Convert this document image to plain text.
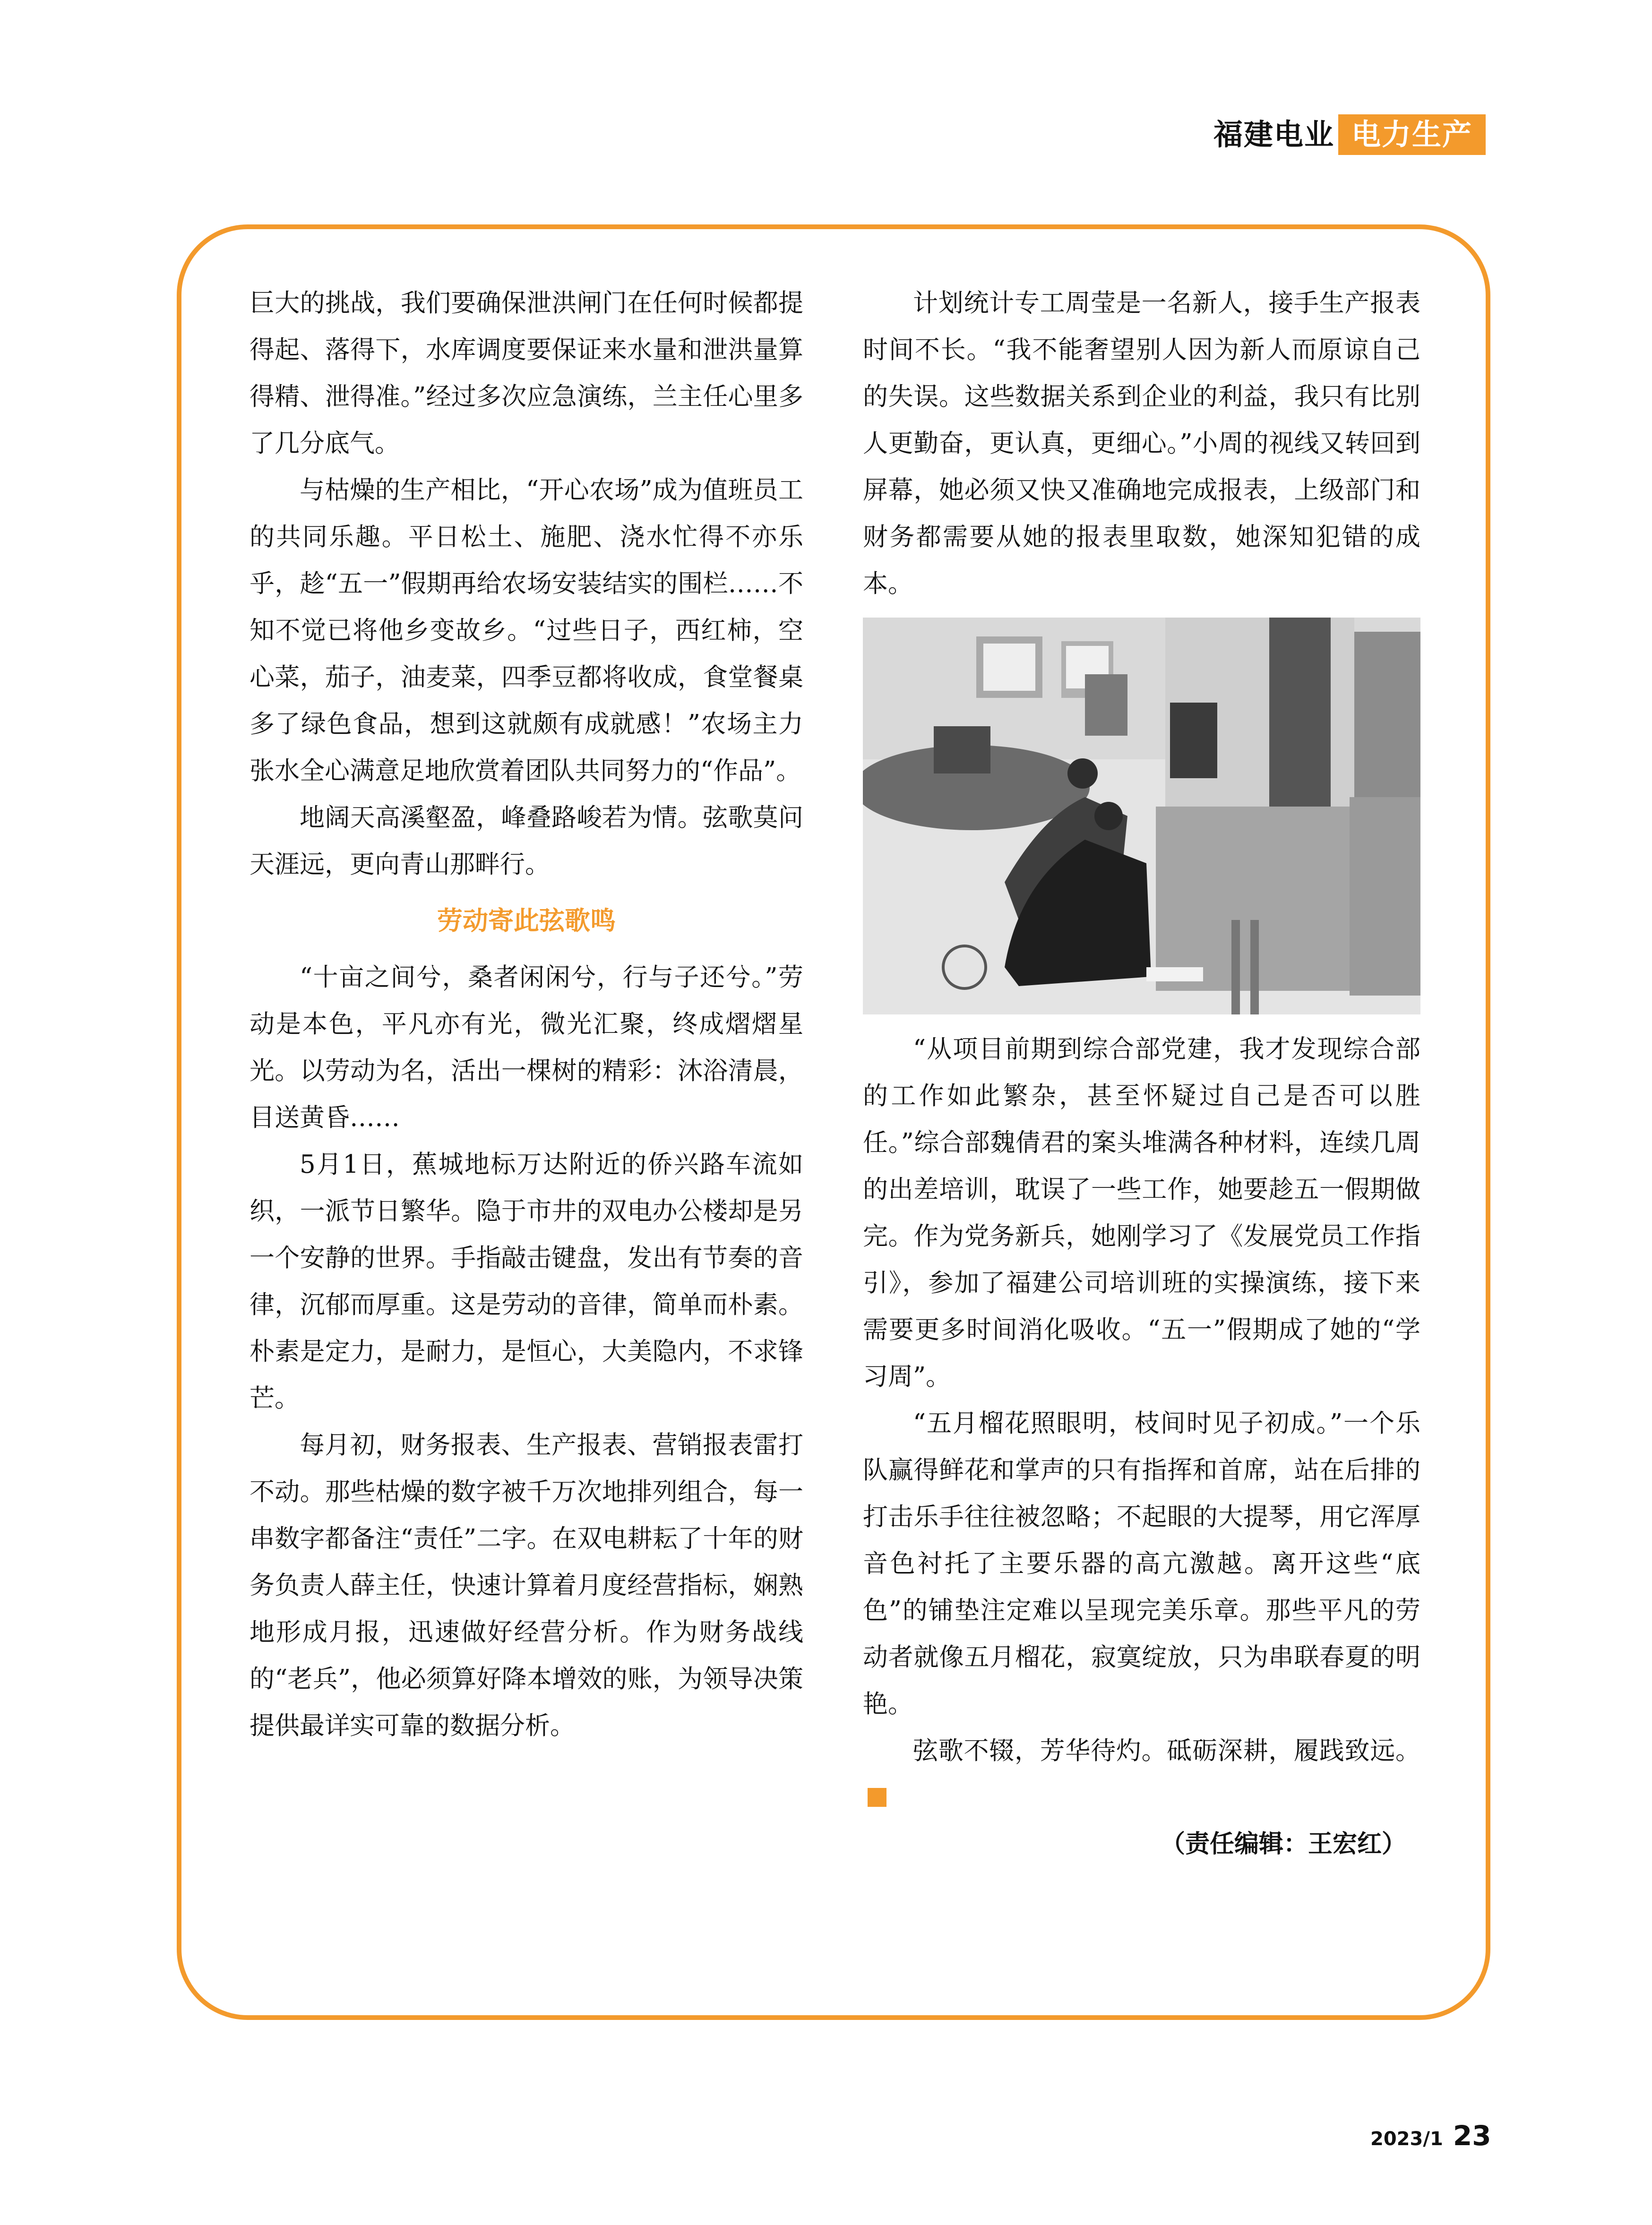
福建电业 电力生产

巨大的挑战，我们要确保泄洪闸门在任何时候都提得起、落得下，水库调度要保证来水量和泄洪量算得精、泄得准。”经过多次应急演练，兰主任心里多了几分底气。

与枯燥的生产相比，“开心农场”成为值班员工的共同乐趣。平日松土、施肥、浇水忙得不亦乐乎，趁“五一”假期再给农场安装结实的围栏……不知不觉已将他乡变故乡。“过些日子，西红柿，空心菜，茄子，油麦菜，四季豆都将收成，食堂餐桌多了绿色食品，想到这就颇有成就感！”农场主力张水全心满意足地欣赏着团队共同努力的“作品”。

地阔天高溪壑盈，峰叠路峻若为情。弦歌莫问天涯远，更向青山那畔行。

劳动寄此弦歌鸣

“十亩之间兮，桑者闲闲兮，行与子还兮。”劳动是本色，平凡亦有光，微光汇聚，终成熠熠星光。以劳动为名，活出一棵树的精彩：沐浴清晨，目送黄昏……

5月1日，蕉城地标万达附近的侨兴路车流如织，一派节日繁华。隐于市井的双电办公楼却是另一个安静的世界。手指敲击键盘，发出有节奏的音律，沉郁而厚重。这是劳动的音律，简单而朴素。朴素是定力，是耐力，是恒心，大美隐内，不求锋芒。

每月初，财务报表、生产报表、营销报表雷打不动。那些枯燥的数字被千万次地排列组合，每一串数字都备注“责任”二字。在双电耕耘了十年的财务负责人薛主任，快速计算着月度经营指标，娴熟地形成月报，迅速做好经营分析。作为财务战线的“老兵”，他必须算好降本增效的账，为领导决策提供最详实可靠的数据分析。

计划统计专工周莹是一名新人，接手生产报表时间不长。“我不能奢望别人因为新人而原谅自己的失误。这些数据关系到企业的利益，我只有比别人更勤奋，更认真，更细心。”小周的视线又转回到屏幕，她必须又快又准确地完成报表，上级部门和财务都需要从她的报表里取数，她深知犯错的成本。

“从项目前期到综合部党建，我才发现综合部的工作如此繁杂，甚至怀疑过自己是否可以胜任。”综合部魏倩君的案头堆满各种材料，连续几周的出差培训，耽误了一些工作，她要趁五一假期做完。作为党务新兵，她刚学习了《发展党员工作指引》，参加了福建公司培训班的实操演练，接下来需要更多时间消化吸收。“五一”假期成了她的“学习周”。

“五月榴花照眼明，枝间时见子初成。”一个乐队赢得鲜花和掌声的只有指挥和首席，站在后排的打击乐手往往被忽略；不起眼的大提琴，用它浑厚音色衬托了主要乐器的高亢激越。离开这些“底色”的铺垫注定难以呈现完美乐章。那些平凡的劳动者就像五月榴花，寂寞绽放，只为串联春夏的明艳。

弦歌不辍，芳华待灼。砥砺深耕，履践致远。

（责任编辑：王宏红）

2023/1 23
